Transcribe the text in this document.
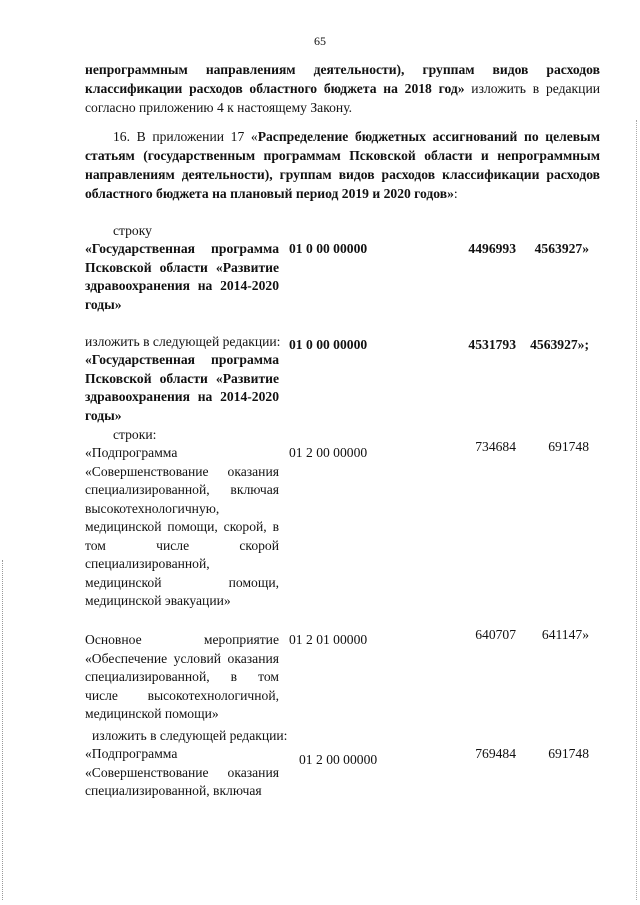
65
непрограммным направлениям деятельности), группам видов расходов классификации расходов областного бюджета на 2018 год» изложить в редакции согласно приложению 4 к настоящему Закону.
16. В приложении 17 «Распределение бюджетных ассигнований по целевым статьям (государственным программам Псковской области и непрограммным направлениям деятельности), группам видов расходов классификации расходов областного бюджета на плановый период 2019 и 2020 годов»:
строку
«Государственная программа Псковской области «Развитие здравоохранения на 2014-2020 годы»
01 0 00 00000	4496993 4563927»
изложить в следующей редакции:
«Государственная программа Псковской области «Развитие здравоохранения на 2014-2020 годы»
01 0 00 00000	4531793 4563927»;
строки:
«Подпрограмма «Совершенствование оказания специализированной, включая высокотехнологичную, медицинской помощи, скорой, в том числе скорой специализированной, медицинской помощи, медицинской эвакуации»
01 2 00 00000	734684 691748
Основное мероприятие «Обеспечение условий оказания специализированной, в том числе высокотехнологичной, медицинской помощи»
01 2 01 00000	640707 641147»
изложить в следующей редакции:
«Подпрограмма «Совершенствование оказания специализированной, включая
01 2 00 00000	769484 691748
